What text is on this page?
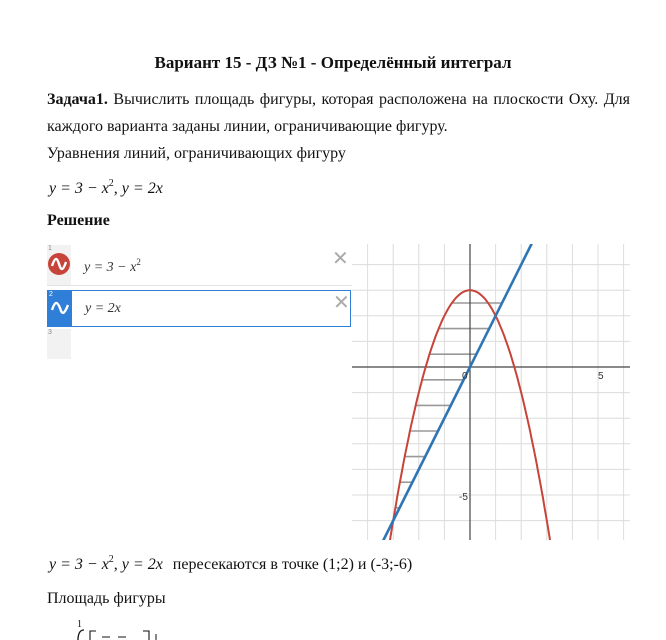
Вариант 15 - ДЗ №1 - Определённый интеграл
Задача1. Вычислить площадь фигуры, которая расположена на плоскости Оху. Для каждого варианта заданы линии, ограничивающие фигуру.
Уравнения линий, ограничивающих фигуру
$y = 3 - x^2$, y = 2x
Решение
1
$y = 3 - x^2$	✕
2
y = 2x	✕
3
0	5
-5
$y = 3 - x^2$, y = 2x пересекаются в точке (1;2) и (-3;-6)
Площадь фигуры
1
